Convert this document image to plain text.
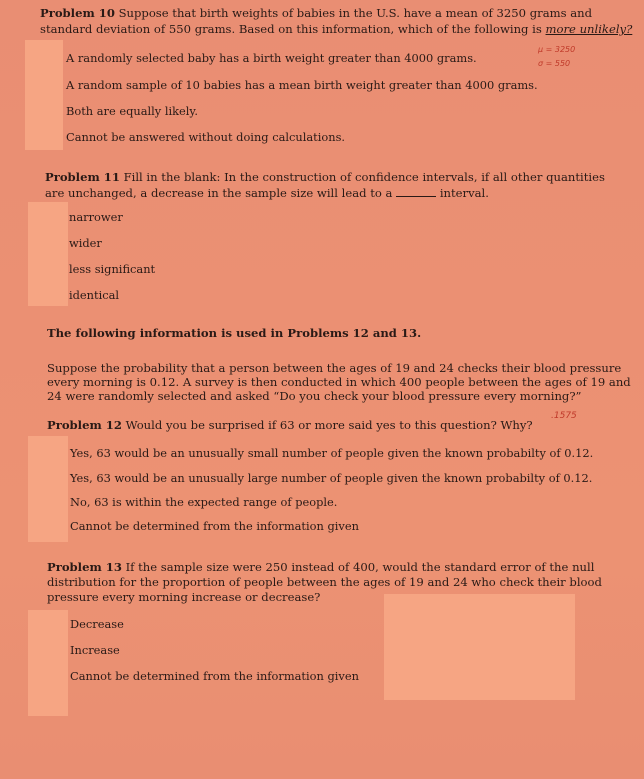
Problem 10 Suppose that birth weights of babies in the U.S. have a mean of 3250 grams and
standard deviation of 550 grams. Based on this information, which of the following is more unlikely?
A randomly selected baby has a birth weight greater than 4000 grams.
μ = 3250
σ = 550
A random sample of 10 babies has a mean birth weight greater than 4000 grams.
Both are equally likely.
Cannot be answered without doing calculations.
Problem 11 Fill in the blank: In the construction of confidence intervals, if all other quantities
are unchanged, a decrease in the sample size will lead to a	interval.
narrower
wider
less significant
identical
The following information is used in Problems 12 and 13.
Suppose the probability that a person between the ages of 19 and 24 checks their blood pressure
every morning is 0.12. A survey is then conducted in which 400 people between the ages of 19 and
24 were randomly selected and asked “Do you check your blood pressure every morning?”
Problem 12 Would you be surprised if 63 or more said yes to this question? Why?
.1575
Yes, 63 would be an unusually small number of people given the known probabilty of 0.12.
Yes, 63 would be an unusually large number of people given the known probabilty of 0.12.
No, 63 is within the expected range of people.
Cannot be determined from the information given
Problem 13 If the sample size were 250 instead of 400, would the standard error of the null
distribution for the proportion of people between the ages of 19 and 24 who check their blood
pressure every morning increase or decrease?
Decrease
Increase
Cannot be determined from the information given
